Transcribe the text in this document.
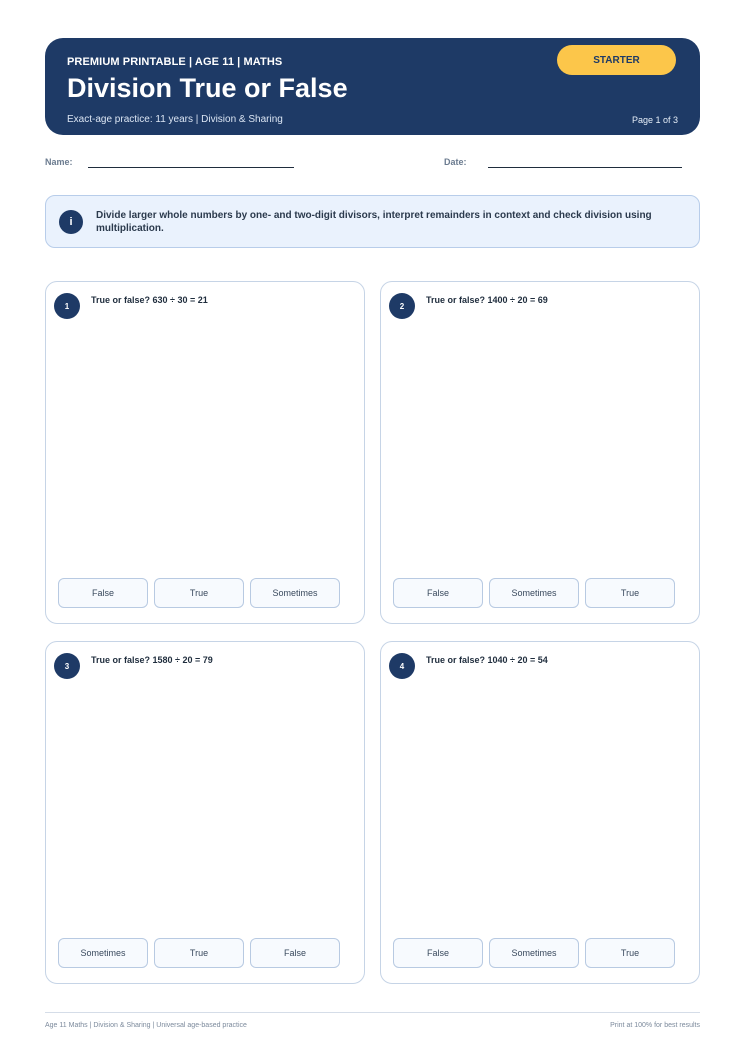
PREMIUM PRINTABLE | AGE 11 | MATHS
Division True or False
Exact-age practice: 11 years | Division & Sharing	Page 1 of 3
STARTER
Name:	Date:
i
Divide larger whole numbers by one- and two-digit divisors, interpret remainders in context and check division using multiplication.
1
True or false? 630 ÷ 30 = 21
False	True	Sometimes
2
True or false? 1400 ÷ 20 = 69
False	Sometimes	True
3
True or false? 1580 ÷ 20 = 79
Sometimes	True	False
4
True or false? 1040 ÷ 20 = 54
False	Sometimes	True
Age 11 Maths | Division & Sharing | Universal age-based practice	Print at 100% for best results
